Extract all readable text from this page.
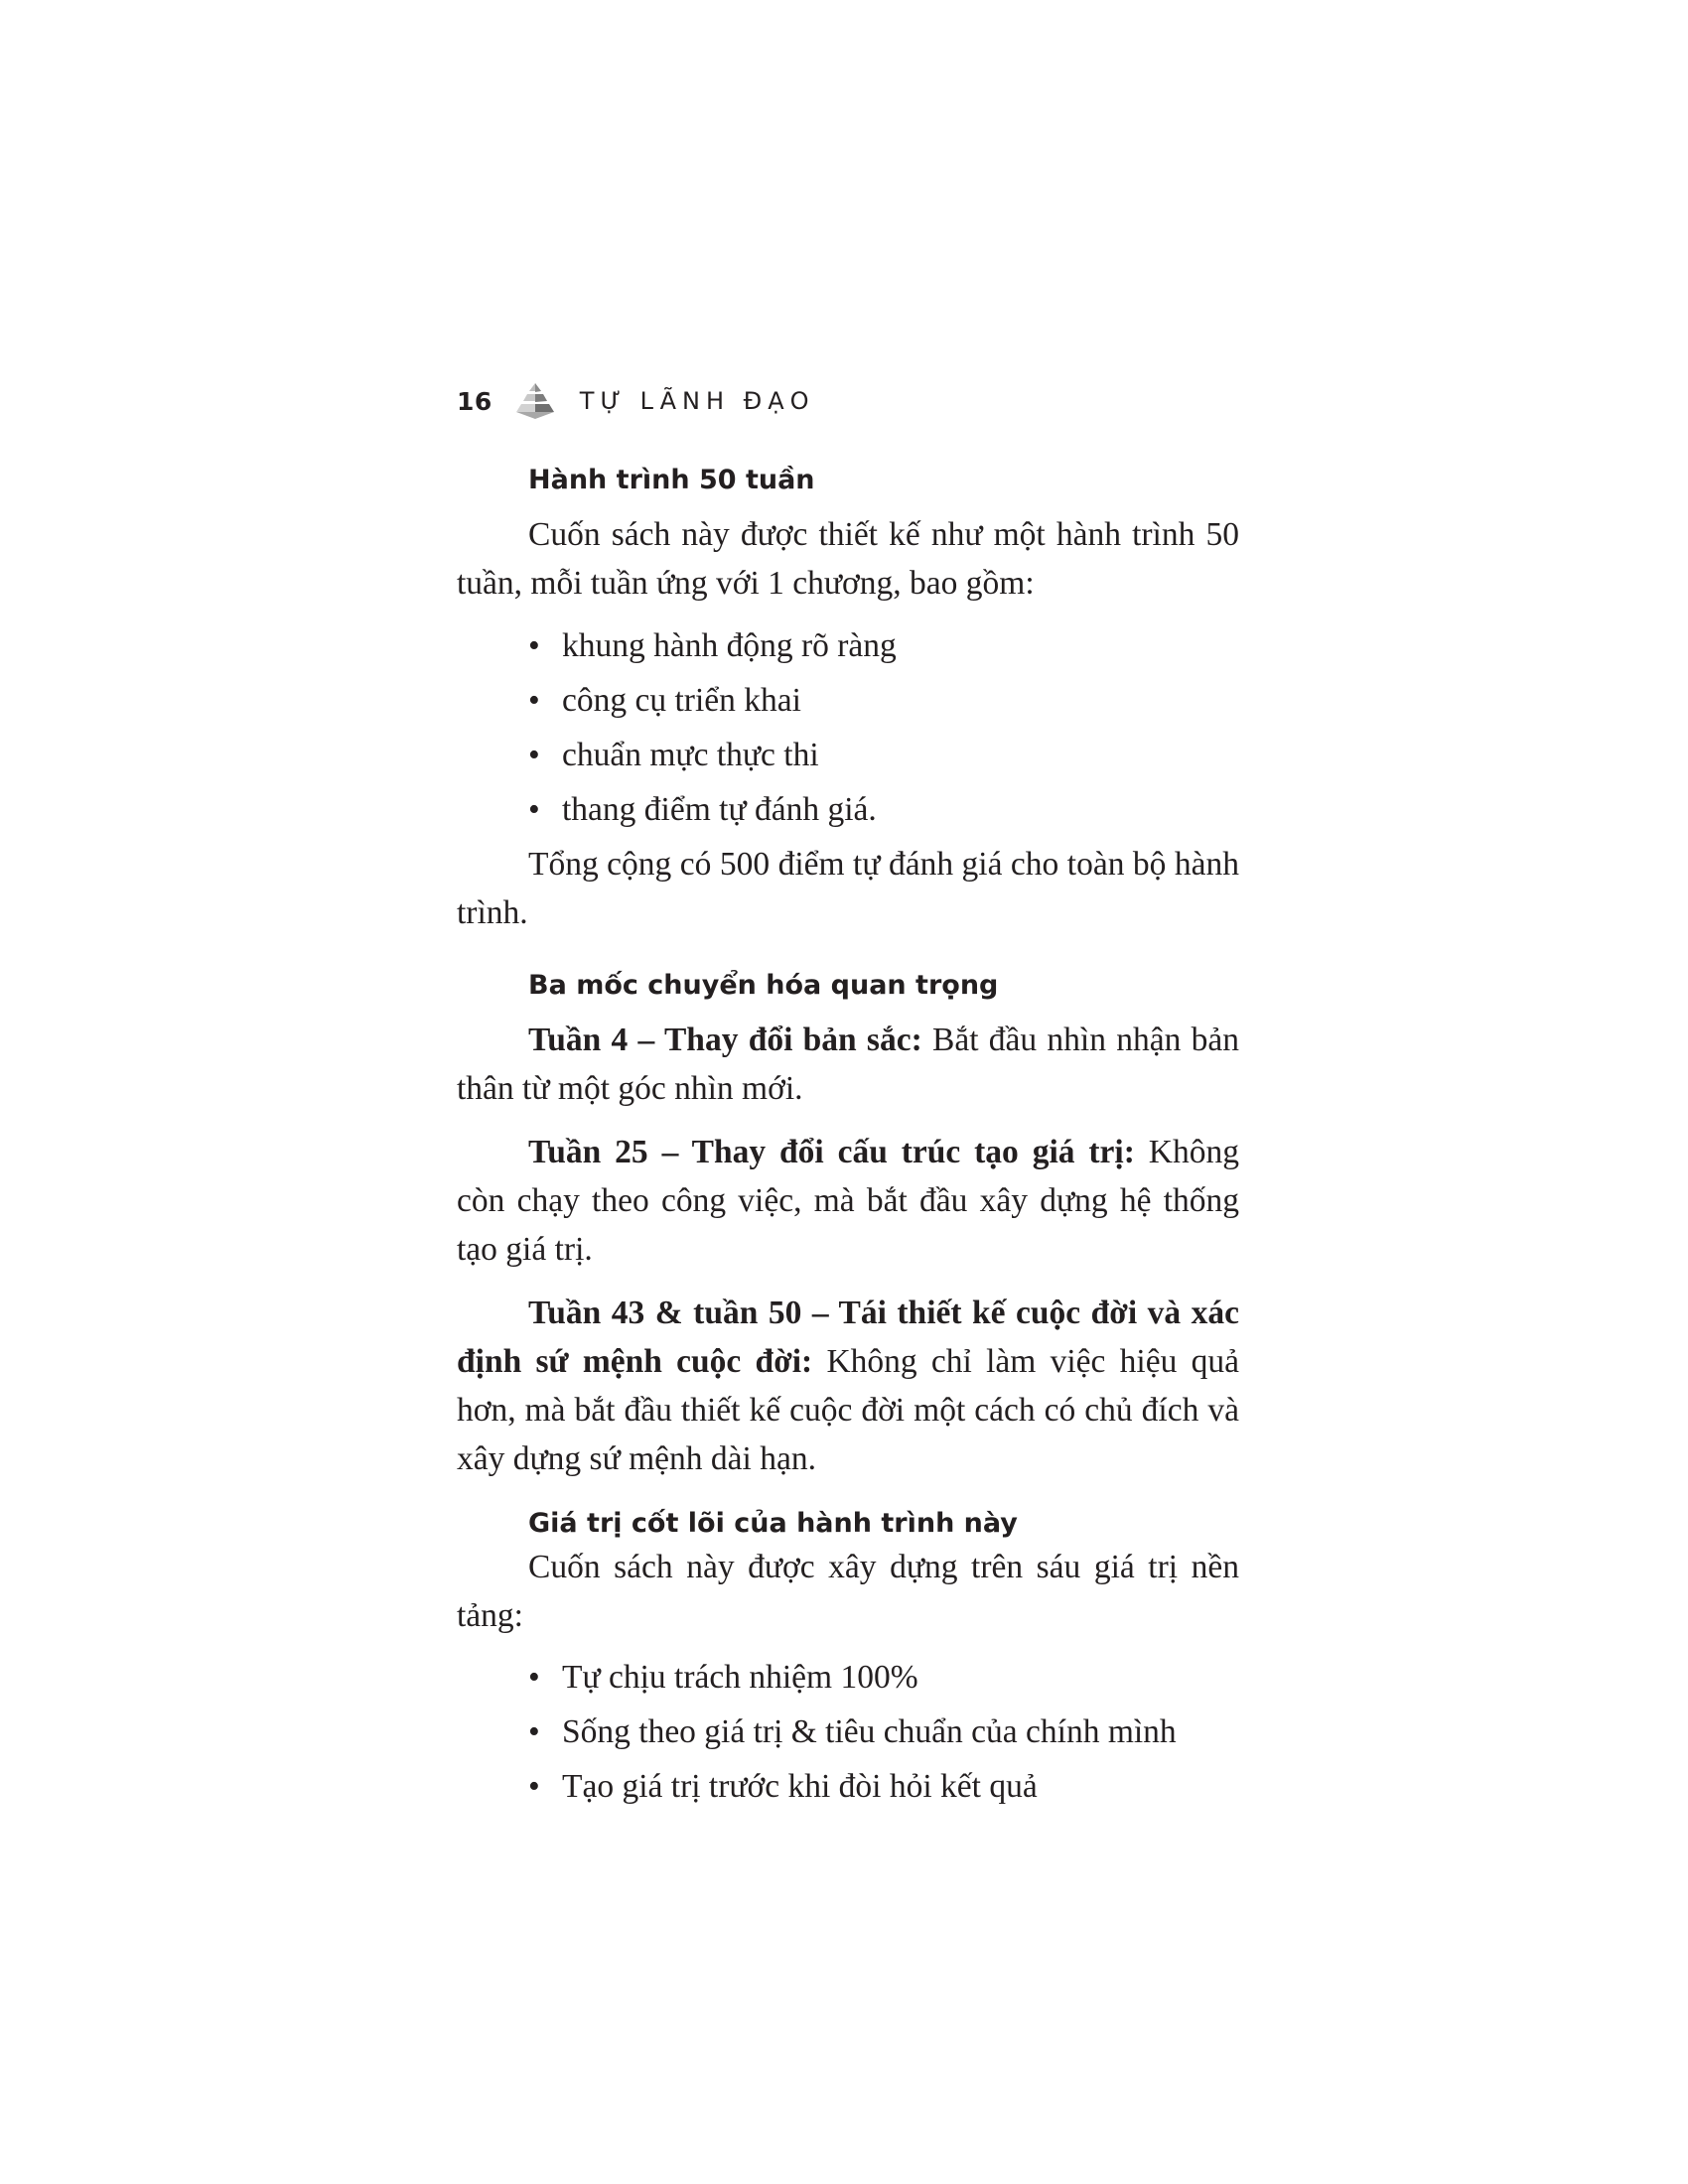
16	TỰ LÃNH ĐẠO
Hành trình 50 tuần

Cuốn sách này được thiết kế như một hành trình 50 tuần, mỗi tuần ứng với 1 chương, bao gồm:

• khung hành động rõ ràng
• công cụ triển khai
• chuẩn mực thực thi
• thang điểm tự đánh giá.

Tổng cộng có 500 điểm tự đánh giá cho toàn bộ hành trình.

Ba mốc chuyển hóa quan trọng

Tuần 4 – Thay đổi bản sắc: Bắt đầu nhìn nhận bản thân từ một góc nhìn mới.

Tuần 25 – Thay đổi cấu trúc tạo giá trị: Không còn chạy theo công việc, mà bắt đầu xây dựng hệ thống tạo giá trị.

Tuần 43 & tuần 50 – Tái thiết kế cuộc đời và xác định sứ mệnh cuộc đời: Không chỉ làm việc hiệu quả hơn, mà bắt đầu thiết kế cuộc đời một cách có chủ đích và xây dựng sứ mệnh dài hạn.

Giá trị cốt lõi của hành trình này

Cuốn sách này được xây dựng trên sáu giá trị nền tảng:

• Tự chịu trách nhiệm 100%
• Sống theo giá trị & tiêu chuẩn của chính mình
• Tạo giá trị trước khi đòi hỏi kết quả
